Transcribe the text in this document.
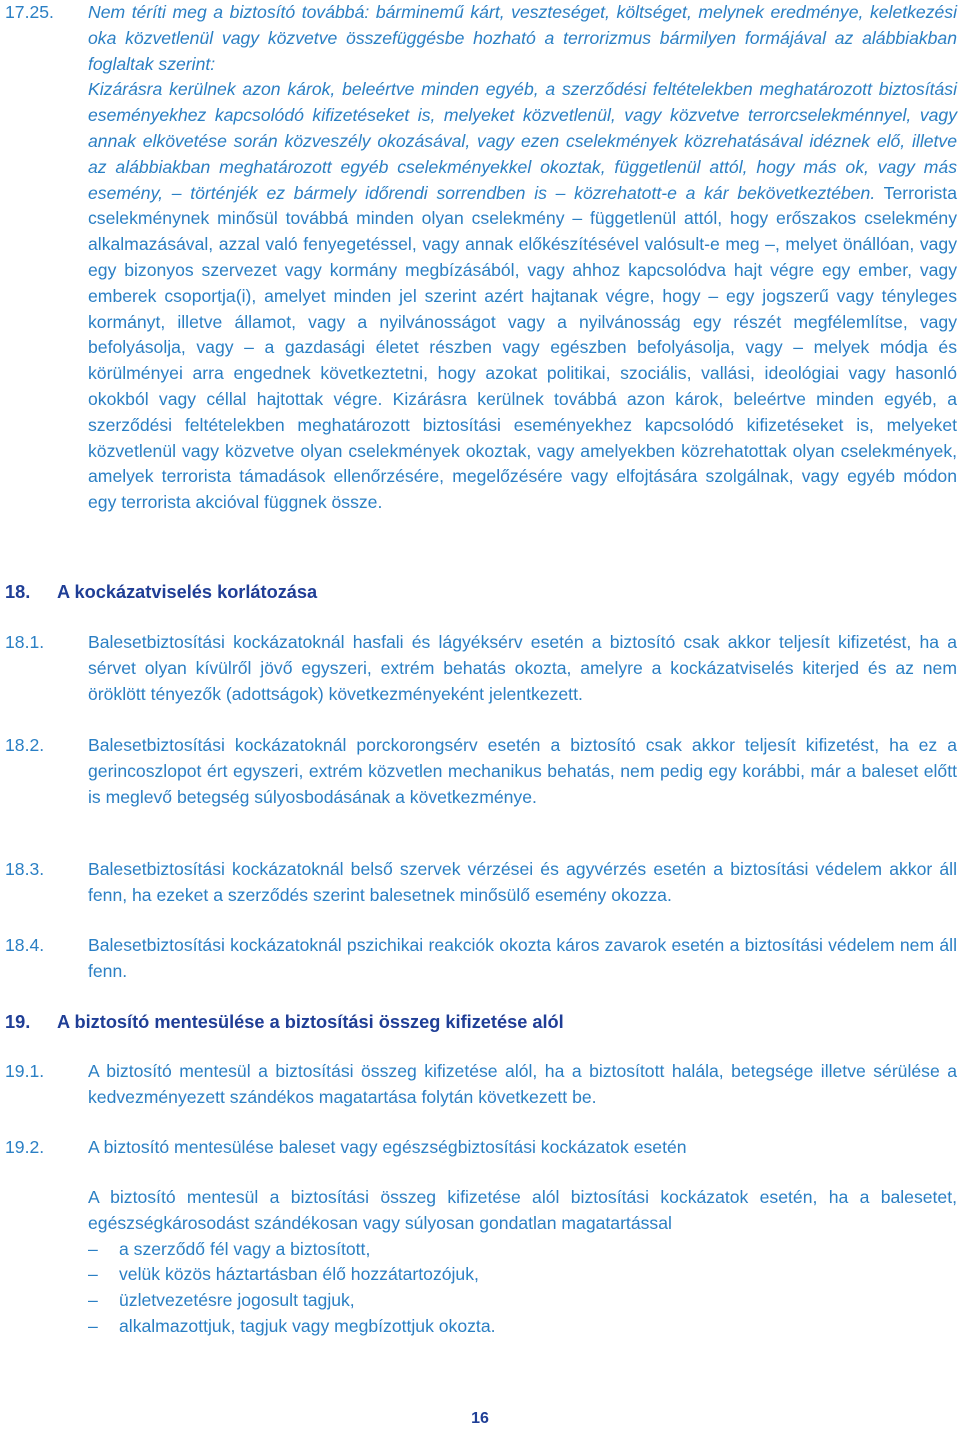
17.25.	Nem téríti meg a biztosító továbbá: bárminemű kárt, veszteséget, költséget, melynek eredménye, keletkezési oka közvetlenül vagy közvetve összefüggésbe hozható a terrorizmus bármilyen formájával az alábbiakban foglaltak szerint:
Kizárásra kerülnek azon károk, beleértve minden egyéb, a szerződési feltételekben meghatározott biztosítási eseményekhez kapcsolódó kifizetéseket is, melyeket közvetlenül, vagy közvetve terrorcselekménnyel, vagy annak elkövetése során közveszély okozásával, vagy ezen cselekmények közrehatásával idéznek elő, illetve az alábbiakban meghatározott egyéb cselekményekkel okoztak, függetlenül attól, hogy más ok, vagy más esemény, – történjék ez bármely időrendi sorrendben is – közrehatott-e a kár bekövetkeztében. Terrorista cselekménynek minősül továbbá minden olyan cselekmény – függetlenül attól, hogy erőszakos cselekmény alkalmazásával, azzal való fenyegetéssel, vagy annak előkészítésével valósult-e meg –, melyet önállóan, vagy egy bizonyos szervezet vagy kormány megbízásából, vagy ahhoz kapcsolódva hajt végre egy ember, vagy emberek csoportja(i), amelyet minden jel szerint azért hajtanak végre, hogy – egy jogszerű vagy tényleges kormányt, illetve államot, vagy a nyilvánosságot vagy a nyilvánosság egy részét megfélemlítse, vagy befolyásolja, vagy – a gazdasági életet részben vagy egészben befolyásolja, vagy – melyek módja és körülményei arra engednek következtetni, hogy azokat politikai, szociális, vallási, ideológiai vagy hasonló okokból vagy céllal hajtottak végre. Kizárásra kerülnek továbbá azon károk, beleértve minden egyéb, a szerződési feltételekben meghatározott biztosítási eseményekhez kapcsolódó kifizetéseket is, melyeket közvetlenül vagy közvetve olyan cselekmények okoztak, vagy amelyekben közrehatottak olyan cselekmények, amelyek terrorista támadások ellenőrzésére, megelőzésére vagy elfojtására szolgálnak, vagy egyéb módon egy terrorista akcióval függnek össze.
18. A kockázatviselés korlátozása
18.1.	Balesetbiztosítási kockázatoknál hasfali és lágyéksérv esetén a biztosító csak akkor teljesít kifizetést, ha a sérvet olyan kívülről jövő egyszeri, extrém behatás okozta, amelyre a kockázatviselés kiterjed és az nem öröklött tényezők (adottságok) következményeként jelentkezett.
18.2.	Balesetbiztosítási kockázatoknál porckorongsérv esetén a biztosító csak akkor teljesít kifizetést, ha ez a gerincoszlopot ért egyszeri, extrém közvetlen mechanikus behatás, nem pedig egy korábbi, már a baleset előtt is meglevő betegség súlyosbodásának a következménye.
18.3.	Balesetbiztosítási kockázatoknál belső szervek vérzései és agyvérzés esetén a biztosítási védelem akkor áll fenn, ha ezeket a szerződés szerint balesetnek minősülő esemény okozza.
18.4.	Balesetbiztosítási kockázatoknál pszichikai reakciók okozta káros zavarok esetén a biztosítási védelem nem áll fenn.
19. A biztosító mentesülése a biztosítási összeg kifizetése alól
19.1.	A biztosító mentesül a biztosítási összeg kifizetése alól, ha a biztosított halála, betegsége illetve sérülése a kedvezményezett szándékos magatartása folytán következett be.
19.2.	A biztosító mentesülése baleset vagy egészségbiztosítási kockázatok esetén
A biztosító mentesül a biztosítási összeg kifizetése alól biztosítási kockázatok esetén, ha a balesetet, egészségkárosodást szándékosan vagy súlyosan gondatlan magatartással
– a szerződő fél vagy a biztosított,
– velük közös háztartásban élő hozzátartozójuk,
– üzletvezetésre jogosult tagjuk,
– alkalmazottjuk, tagjuk vagy megbízottjuk okozta.
16
